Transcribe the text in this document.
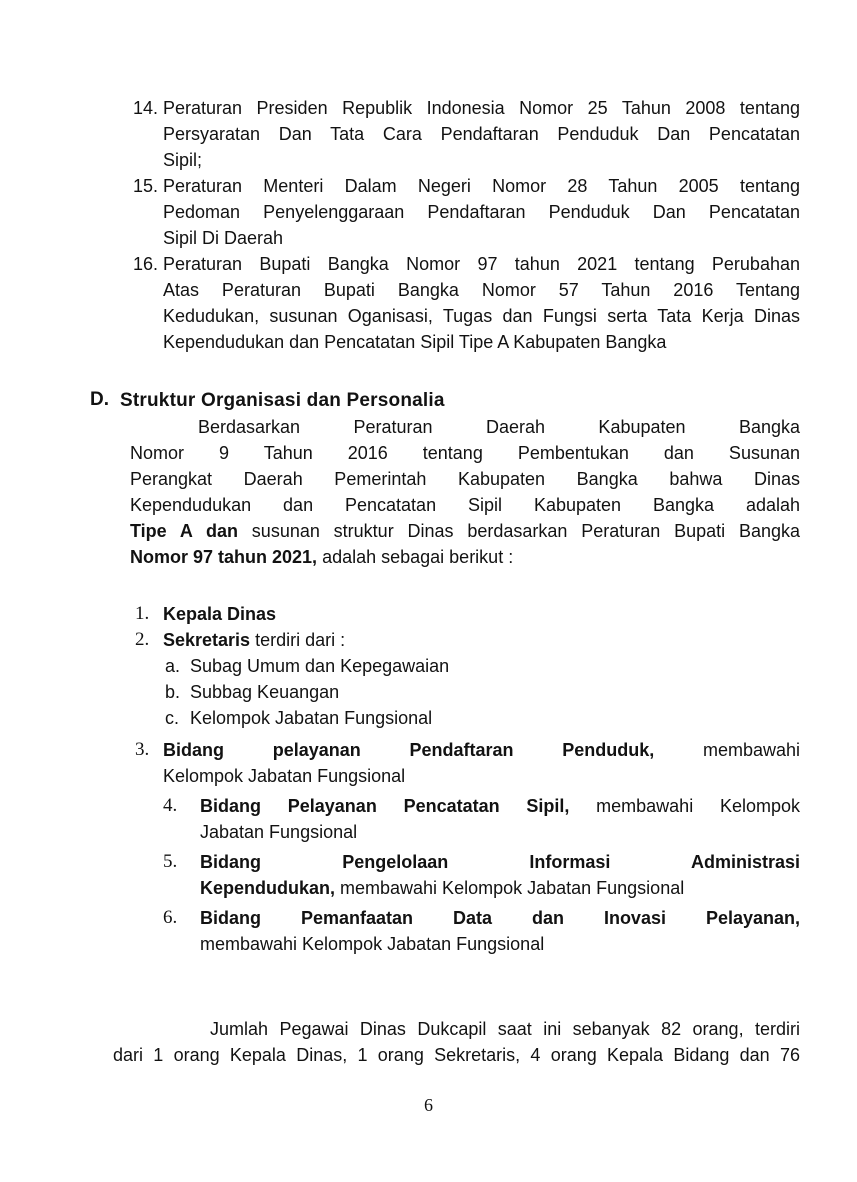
14. Peraturan Presiden Republik Indonesia Nomor 25 Tahun 2008 tentang
Persyaratan Dan Tata Cara Pendaftaran Penduduk Dan Pencatatan
Sipil;
15. Peraturan Menteri Dalam Negeri Nomor 28 Tahun 2005 tentang
Pedoman Penyelenggaraan Pendaftaran Penduduk Dan Pencatatan
Sipil Di Daerah
16. Peraturan Bupati Bangka Nomor 97 tahun 2021 tentang Perubahan
Atas Peraturan Bupati Bangka Nomor 57 Tahun 2016 Tentang
Kedudukan, susunan Oganisasi, Tugas dan Fungsi serta Tata Kerja Dinas
Kependudukan dan Pencatatan Sipil Tipe A Kabupaten Bangka
D. Struktur Organisasi dan Personalia
Berdasarkan Peraturan Daerah Kabupaten Bangka
Nomor 9 Tahun 2016 tentang Pembentukan dan Susunan
Perangkat Daerah Pemerintah Kabupaten Bangka bahwa Dinas
Kependudukan dan Pencatatan Sipil Kabupaten Bangka adalah
Tipe A dan susunan struktur Dinas berdasarkan Peraturan Bupati Bangka
Nomor 97 tahun 2021, adalah sebagai berikut :
1. Kepala Dinas
2. Sekretaris terdiri dari :
a. Subag Umum dan Kepegawaian
b. Subbag Keuangan
c. Kelompok Jabatan Fungsional
3. Bidang pelayanan Pendaftaran Penduduk, membawahi
Kelompok Jabatan Fungsional
4. Bidang Pelayanan Pencatatan Sipil, membawahi Kelompok
Jabatan Fungsional
5. Bidang Pengelolaan Informasi Administrasi
Kependudukan, membawahi Kelompok Jabatan Fungsional
6. Bidang Pemanfaatan Data dan Inovasi Pelayanan,
membawahi Kelompok Jabatan Fungsional
Jumlah Pegawai Dinas Dukcapil saat ini sebanyak 82 orang, terdiri
dari 1 orang Kepala Dinas, 1 orang Sekretaris, 4 orang Kepala Bidang dan 76
6
